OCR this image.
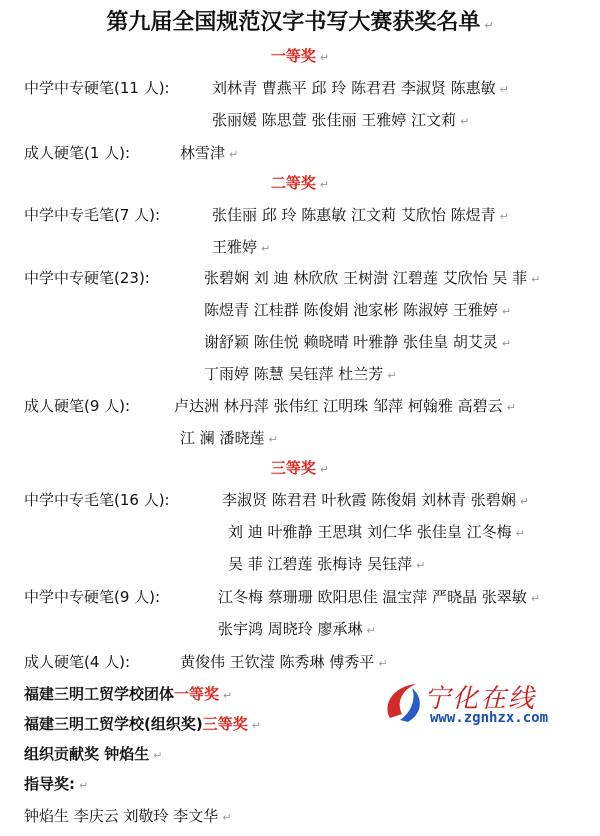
第九届全国规范汉字书写大赛获奖名单 ↵
一等奖 ↵
中学中专硬笔(11 人):	刘林青 曹燕平 邱 玲 陈君君 李淑贤 陈惠敏 ↵
张丽媛 陈思萱 张佳丽 王雅婷 江文莉 ↵
成人硬笔(1 人):	林雪津 ↵
二等奖 ↵
中学中专毛笔(7 人):	张佳丽 邱 玲 陈惠敏 江文莉 艾欣怡 陈煜青 ↵
王雅婷 ↵
中学中专硬笔(23):	张碧娴 刘 迪 林欣欣 王树澍 江碧莲 艾欣怡 吴 菲 ↵
陈煜青 江桂群 陈俊娟 池家彬 陈淑婷 王雅婷 ↵
谢舒颖 陈佳悦 赖晓晴 叶雅静 张佳皇 胡艾灵 ↵
丁雨婷 陈慧 吴钰萍 杜兰芳 ↵
成人硬笔(9 人):	卢达洲 林丹萍 张伟红 江明珠 邹萍 柯翰雅 高碧云 ↵
江 澜 潘晓莲 ↵
三等奖 ↵
中学中专毛笔(16 人):	李淑贤 陈君君 叶秋霞 陈俊娟 刘林青 张碧娴 ↵
刘 迪 叶雅静 王思琪 刘仁华 张佳皇 江冬梅 ↵
吴 菲 江碧莲 张梅诗 吴钰萍 ↵
中学中专硬笔(9 人):	江冬梅 蔡珊珊 欧阳思佳 温宝萍 严晓晶 张翠敏 ↵
张宇鸿 周晓玲 廖承琳 ↵
成人硬笔(4 人):	黄俊伟 王钦滢 陈秀琳 傅秀平 ↵
福建三明工贸学校团体一等奖 ↵
福建三明工贸学校(组织奖)三等奖 ↵
组织贡献奖 钟焰生 ↵
指导奖: ↵
钟焰生 李庆云 刘敬玲 李文华 ↵
宁化在线
www.zgnhzx.com
